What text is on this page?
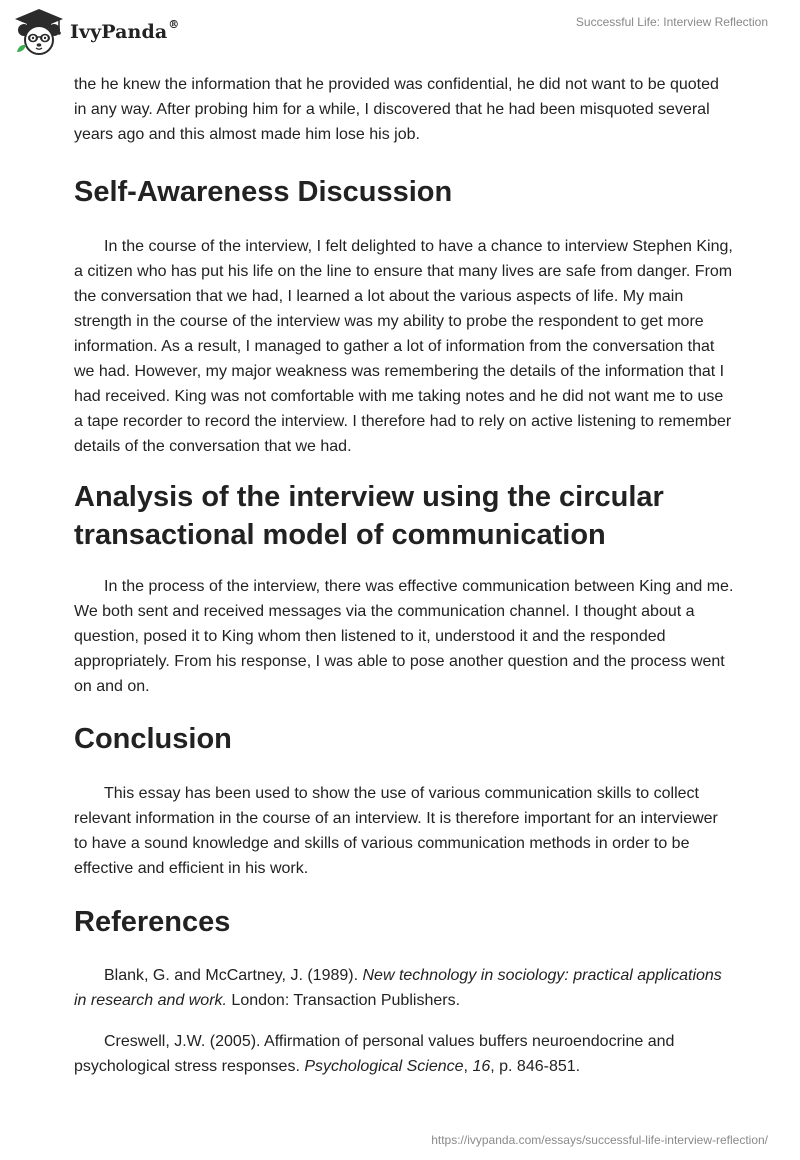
IvyPanda®	Successful Life: Interview Reflection

the he knew the information that he provided was confidential, he did not want to be quoted in any way. After probing him for a while, I discovered that he had been misquoted several years ago and this almost made him lose his job.

Self-Awareness Discussion

In the course of the interview, I felt delighted to have a chance to interview Stephen King, a citizen who has put his life on the line to ensure that many lives are safe from danger. From the conversation that we had, I learned a lot about the various aspects of life. My main strength in the course of the interview was my ability to probe the respondent to get more information. As a result, I managed to gather a lot of information from the conversation that we had. However, my major weakness was remembering the details of the information that I had received. King was not comfortable with me taking notes and he did not want me to use a tape recorder to record the interview. I therefore had to rely on active listening to remember details of the conversation that we had.

Analysis of the interview using the circular transactional model of communication

In the process of the interview, there was effective communication between King and me. We both sent and received messages via the communication channel. I thought about a question, posed it to King whom then listened to it, understood it and the responded appropriately. From his response, I was able to pose another question and the process went on and on.

Conclusion

This essay has been used to show the use of various communication skills to collect relevant information in the course of an interview. It is therefore important for an interviewer to have a sound knowledge and skills of various communication methods in order to be effective and efficient in his work.

References

Blank, G. and McCartney, J. (1989). New technology in sociology: practical applications in research and work. London: Transaction Publishers.

Creswell, J.W. (2005). Affirmation of personal values buffers neuroendocrine and psychological stress responses. Psychological Science, 16, p. 846-851.

https://ivypanda.com/essays/successful-life-interview-reflection/
